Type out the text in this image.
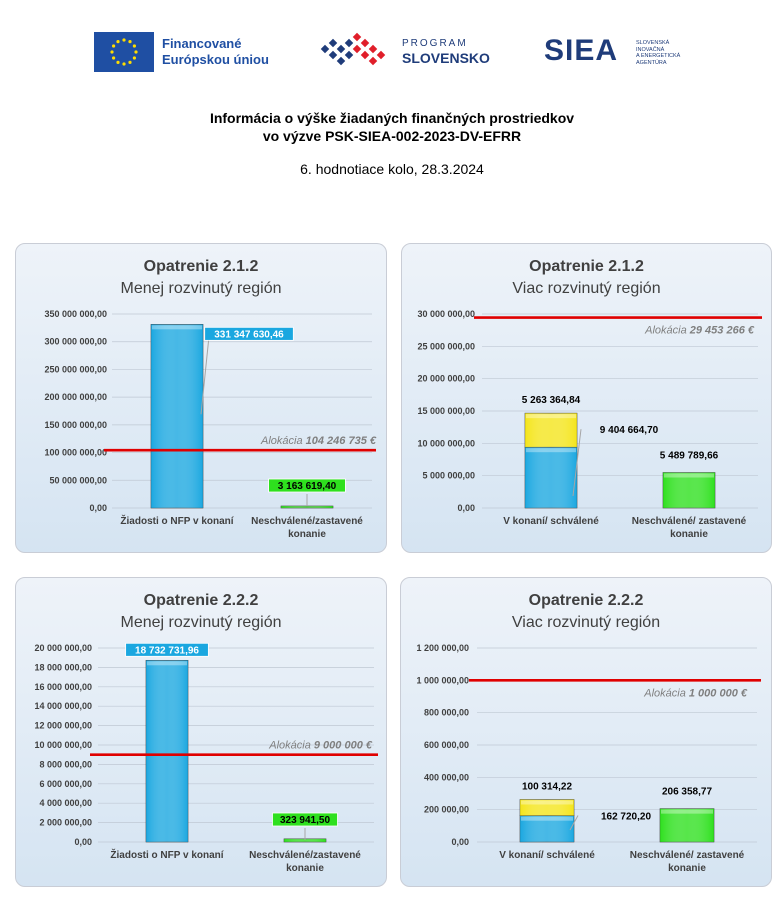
Financované
Európskou úniou
PROGRAM
SLOVENSKO SIEA	SLOVENSKÁ
INOVAČNÁ
A ENERGETICKÁ
AGENTÚRA
Informácia o výške žiadaných finančných prostriedkov
vo výzve PSK-SIEA-002-2023-DV-EFRR
6. hodnotiace kolo, 28.3.2024
Opatrenie 2.1.2
Menej rozvinutý región
0,00
50 000 000,00
100 000 000,00
150 000 000,00
200 000 000,00
250 000 000,00
300 000 000,00
350 000 000,00
Žiadosti o NFP v konaní Neschválené/zastavené
konanie
331 347 630,46
3 163 619,40
Alokácia 104 246 735 €
Opatrenie 2.1.2
Viac rozvinutý región
0,00
5 000 000,00
10 000 000,00
15 000 000,00
20 000 000,00
25 000 000,00
30 000 000,00
V konaní/ schválené	Neschválené/ zastavené
konanie
5 263 364,84
9 404 664,70
5 489 789,66
Alokácia 29 453 266 €
Opatrenie 2.2.2
Menej rozvinutý región
0,00
2 000 000,00
4 000 000,00
6 000 000,00
8 000 000,00
10 000 000,00
12 000 000,00
14 000 000,00
16 000 000,00
18 000 000,00
20 000 000,00
Žiadosti o NFP v konaní	Neschválené/zastavené
konanie
18 732 731,96
323 941,50
Alokácia 9 000 000 €
Opatrenie 2.2.2
Viac rozvinutý región
0,00
200 000,00
400 000,00
600 000,00
800 000,00
1 000 000,00
1 200 000,00
V konaní/ schválené	Neschválené/ zastavené
konanie
100 314,22
162 720,20
206 358,77
Alokácia 1 000 000 €
